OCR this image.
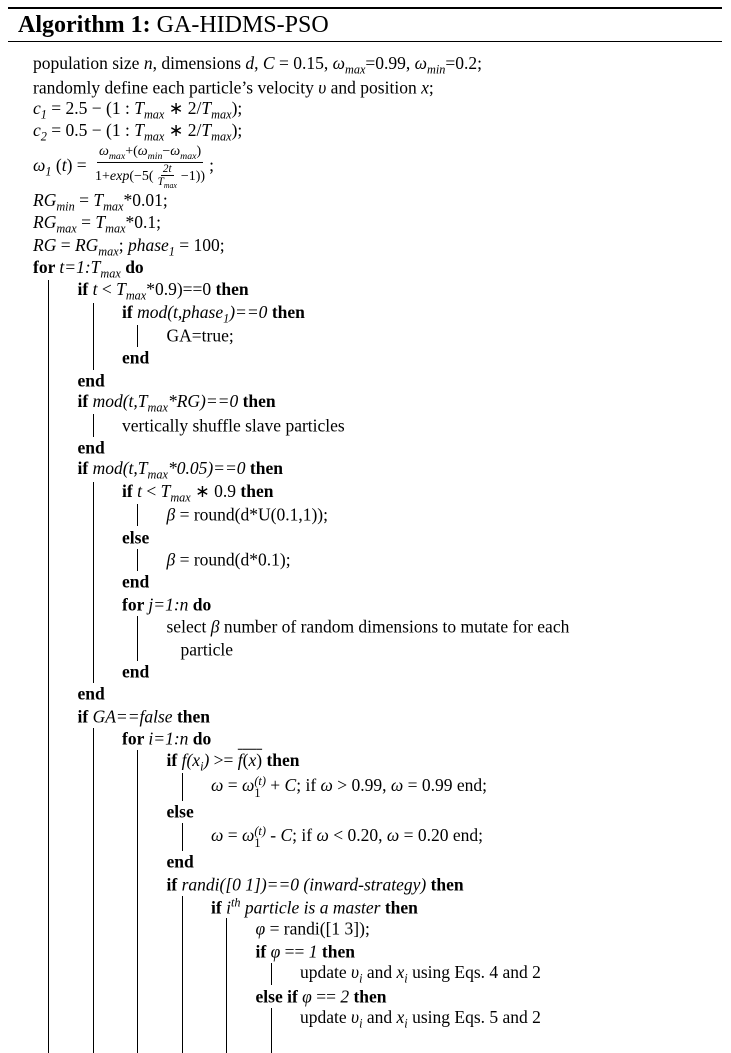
Algorithm 1: GA-HIDMS-PSO
population size n, dimensions d, C = 0.15, $\omega_{max}=0.99$, $\omega_{min}=0.2$;
randomly define each particle’s velocity υ and position x;
$c_1 = 2.5 - (1$ : $T_{max}$ ∗ $2/T_{max}$);
$c_2 = 0.5 - (1$ : $T_{max}$ ∗ $2/T_{max}$);
$\omega_1$ $(t) = \frac{\omega_{max}+(\omega_{min}-\omega_{max})}{1+\exp(-5( \frac{2t}{T_{max}} -1))}$ ;
$RG_{min} = T_{max}*0.01$;
$RG_{max} = T_{max}*0.1$;
RG = $RG_{max}$; phase$_1$ = 100;
for $t=1:T_{max}$ do
if $t < T_{max}*0.9)==0$ then
if mod(t,phase$_1$)==0 then
GA=true;
end
end
if $mod(t,T_{max}*RG)==0$ then
vertically shuffle slave particles
end
if $mod(t,T_{max}*0.05)==0$ then
if $t < T_{max}$ ∗ 0.9 then
β = round(d*U(0.1,1));
else
β = round(d*0.1);
end
for j=1:n do
select β number of random dimensions to mutate for each
particle
end
end
if GA==false then
for i=1:n do
if $f(x_i) >= f(x)$ then
ω = ω (t)
1 + C; if ω > 0.99, ω = 0.99 end;
else
ω = ω (t)
1 - C; if ω < 0.20, ω = 0.20 end;
end
if randi([0 1])==0 (inward-strategy) then
if $i^{th}$ particle is a master then
φ = randi([1 3]);
if φ == 1 then
update $\upsilon_i$ and $x_i$ using Eqs. 4 and 2
else if φ == 2 then
update $\upsilon_i$ and $x_i$ using Eqs. 5 and 2
